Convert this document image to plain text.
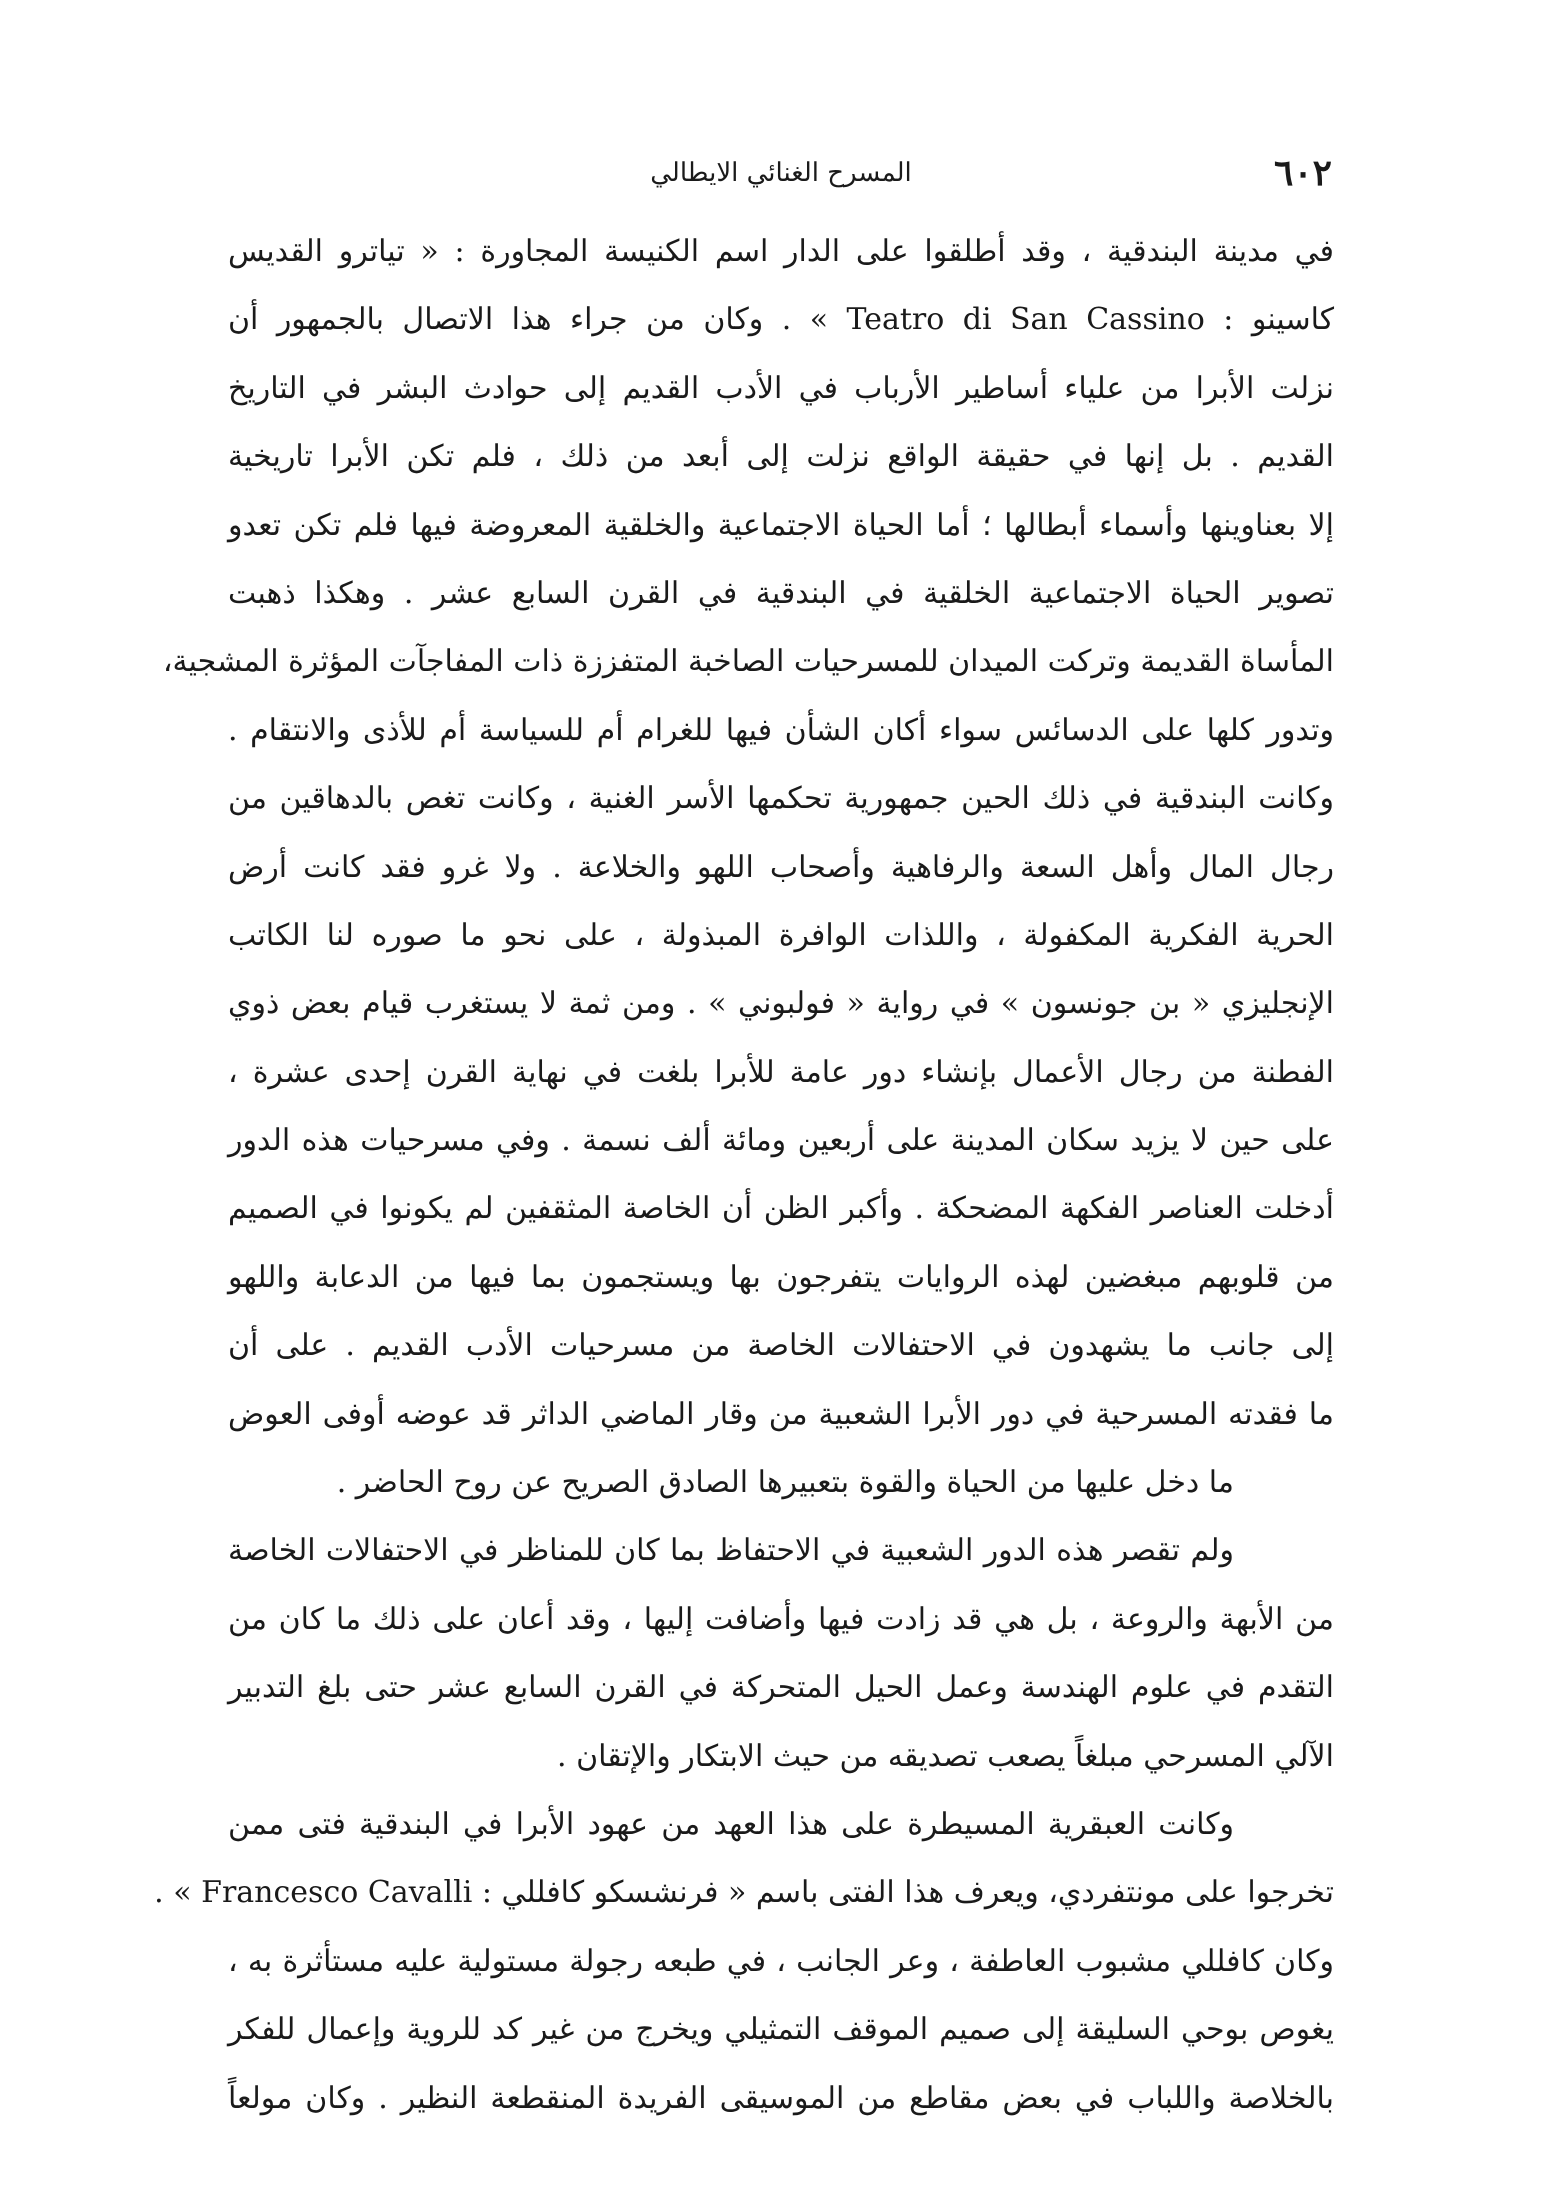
٦٠٢
المسرح الغنائي الايطالي
في مدينة البندقية ، وقد أطلقوا على الدار اسم الكنيسة المجاورة : « تياترو القديس
كاسينو : Teatro di San Cassino » . وكان من جراء هذا الاتصال بالجمهور أن
نزلت الأبرا من علياء أساطير الأرباب في الأدب القديم إلى حوادث البشر في التاريخ
القديم . بل إنها في حقيقة الواقع نزلت إلى أبعد من ذلك ، فلم تكن الأبرا تاريخية
إلا بعناوينها وأسماء أبطالها ؛ أما الحياة الاجتماعية والخلقية المعروضة فيها فلم تكن تعدو
تصوير الحياة الاجتماعية الخلقية في البندقية في القرن السابع عشر . وهكذا ذهبت
المأساة القديمة وتركت الميدان للمسرحيات الصاخبة المتفززة ذات المفاجآت المؤثرة المشجية،
وتدور كلها على الدسائس سواء أكان الشأن فيها للغرام أم للسياسة أم للأذى والانتقام .
وكانت البندقية في ذلك الحين جمهورية تحكمها الأسر الغنية ، وكانت تغص بالدهاقين من
رجال المال وأهل السعة والرفاهية وأصحاب اللهو والخلاعة . ولا غرو فقد كانت أرض
الحرية الفكرية المكفولة ، واللذات الوافرة المبذولة ، على نحو ما صوره لنا الكاتب
الإنجليزي « بن جونسون » في رواية « فولبوني » . ومن ثمة لا يستغرب قيام بعض ذوي
الفطنة من رجال الأعمال بإنشاء دور عامة للأبرا بلغت في نهاية القرن إحدى عشرة ،
على حين لا يزيد سكان المدينة على أربعين ومائة ألف نسمة . وفي مسرحيات هذه الدور
أدخلت العناصر الفكهة المضحكة . وأكبر الظن أن الخاصة المثقفين لم يكونوا في الصميم
من قلوبهم مبغضين لهذه الروايات يتفرجون بها ويستجمون بما فيها من الدعابة واللهو
إلى جانب ما يشهدون في الاحتفالات الخاصة من مسرحيات الأدب القديم . على أن
ما فقدته المسرحية في دور الأبرا الشعبية من وقار الماضي الداثر قد عوضه أوفى العوض
ما دخل عليها من الحياة والقوة بتعبيرها الصادق الصريح عن روح الحاضر .
ولم تقصر هذه الدور الشعبية في الاحتفاظ بما كان للمناظر في الاحتفالات الخاصة
من الأبهة والروعة ، بل هي قد زادت فيها وأضافت إليها ، وقد أعان على ذلك ما كان من
التقدم في علوم الهندسة وعمل الحيل المتحركة في القرن السابع عشر حتى بلغ التدبير
الآلي المسرحي مبلغاً يصعب تصديقه من حيث الابتكار والإتقان .
وكانت العبقرية المسيطرة على هذا العهد من عهود الأبرا في البندقية فتى ممن
تخرجوا على مونتفردي، ويعرف هذا الفتى باسم « فرنشسكو كافللي : Francesco Cavalli » .
وكان كافللي مشبوب العاطفة ، وعر الجانب ، في طبعه رجولة مستولية عليه مستأثرة به ،
يغوص بوحي السليقة إلى صميم الموقف التمثيلي ويخرج من غير كد للروية وإعمال للفكر
بالخلاصة واللباب في بعض مقاطع من الموسيقى الفريدة المنقطعة النظير . وكان مولعاً
